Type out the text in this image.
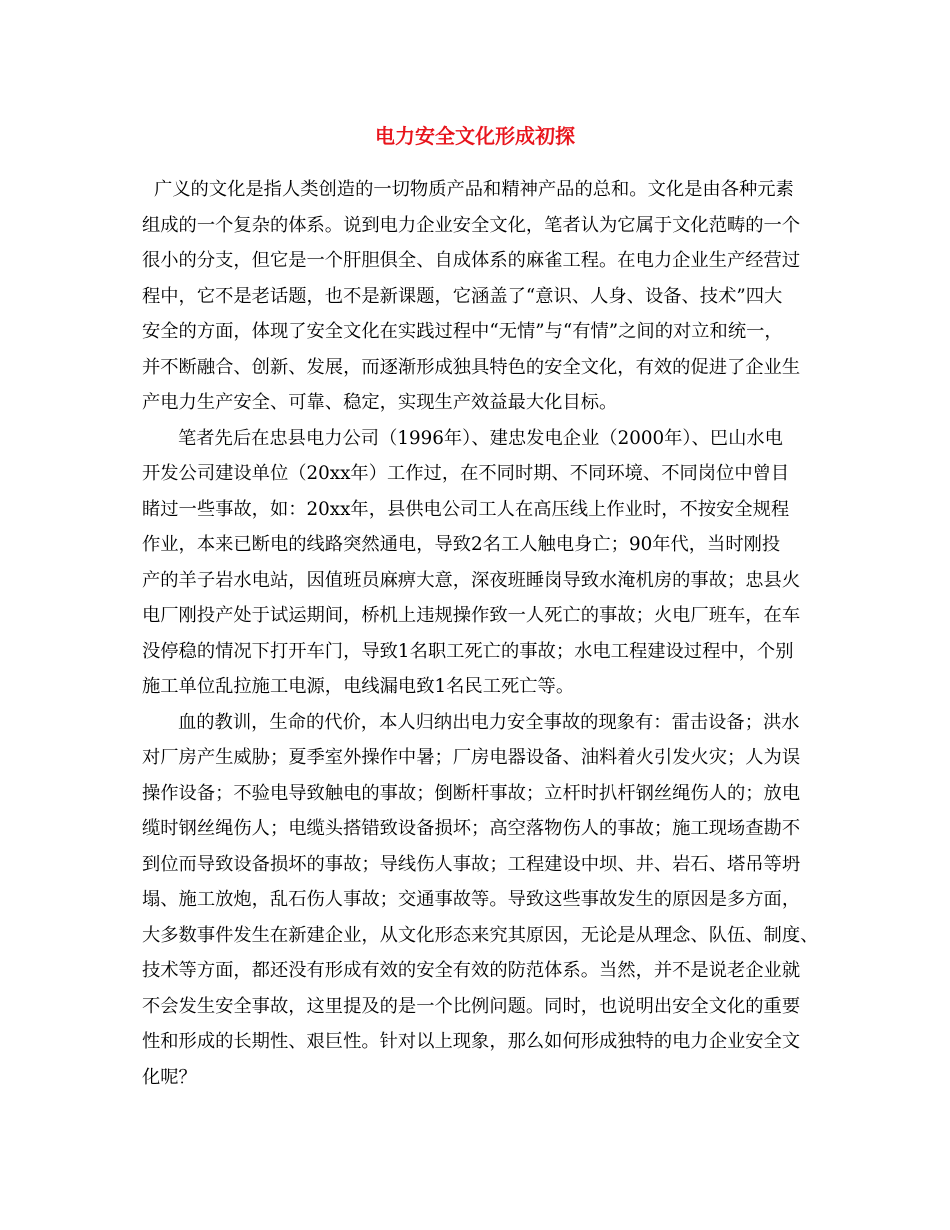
电力安全文化形成初探

广义的文化是指人类创造的一切物质产品和精神产品的总和。文化是由各种元素

组成的一个复杂的体系。说到电力企业安全文化，笔者认为它属于文化范畴的一个

很小的分支，但它是一个肝胆俱全、自成体系的麻雀工程。在电力企业生产经营过

程中，它不是老话题，也不是新课题，它涵盖了“意识、人身、设备、技术”四大

安全的方面，体现了安全文化在实践过程中“无情”与“有情”之间的对立和统一，

并不断融合、创新、发展，而逐渐形成独具特色的安全文化，有效的促进了企业生

产电力生产安全、可靠、稳定，实现生产效益最大化目标。

笔者先后在忠县电力公司（1996年）、建忠发电企业（2000年）、巴山水电

开发公司建设单位（20xx年）工作过，在不同时期、不同环境、不同岗位中曾目

睹过一些事故，如：20xx年，县供电公司工人在高压线上作业时，不按安全规程

作业，本来已断电的线路突然通电，导致2名工人触电身亡；90年代，当时刚投

产的羊子岩水电站，因值班员麻痹大意，深夜班睡岗导致水淹机房的事故；忠县火

电厂刚投产处于试运期间，桥机上违规操作致一人死亡的事故；火电厂班车，在车

没停稳的情况下打开车门，导致1名职工死亡的事故；水电工程建设过程中，个别

施工单位乱拉施工电源，电线漏电致1名民工死亡等。

血的教训，生命的代价，本人归纳出电力安全事故的现象有：雷击设备；洪水

对厂房产生威胁；夏季室外操作中暑；厂房电器设备、油料着火引发火灾；人为误

操作设备；不验电导致触电的事故；倒断杆事故；立杆时扒杆钢丝绳伤人的；放电

缆时钢丝绳伤人；电缆头搭错致设备损坏；高空落物伤人的事故；施工现场查勘不

到位而导致设备损坏的事故；导线伤人事故；工程建设中坝、井、岩石、塔吊等坍

塌、施工放炮，乱石伤人事故；交通事故等。导致这些事故发生的原因是多方面，

大多数事件发生在新建企业，从文化形态来究其原因，无论是从理念、队伍、制度、

技术等方面，都还没有形成有效的安全有效的防范体系。当然，并不是说老企业就

不会发生安全事故，这里提及的是一个比例问题。同时，也说明出安全文化的重要

性和形成的长期性、艰巨性。针对以上现象，那么如何形成独特的电力企业安全文

化呢？
